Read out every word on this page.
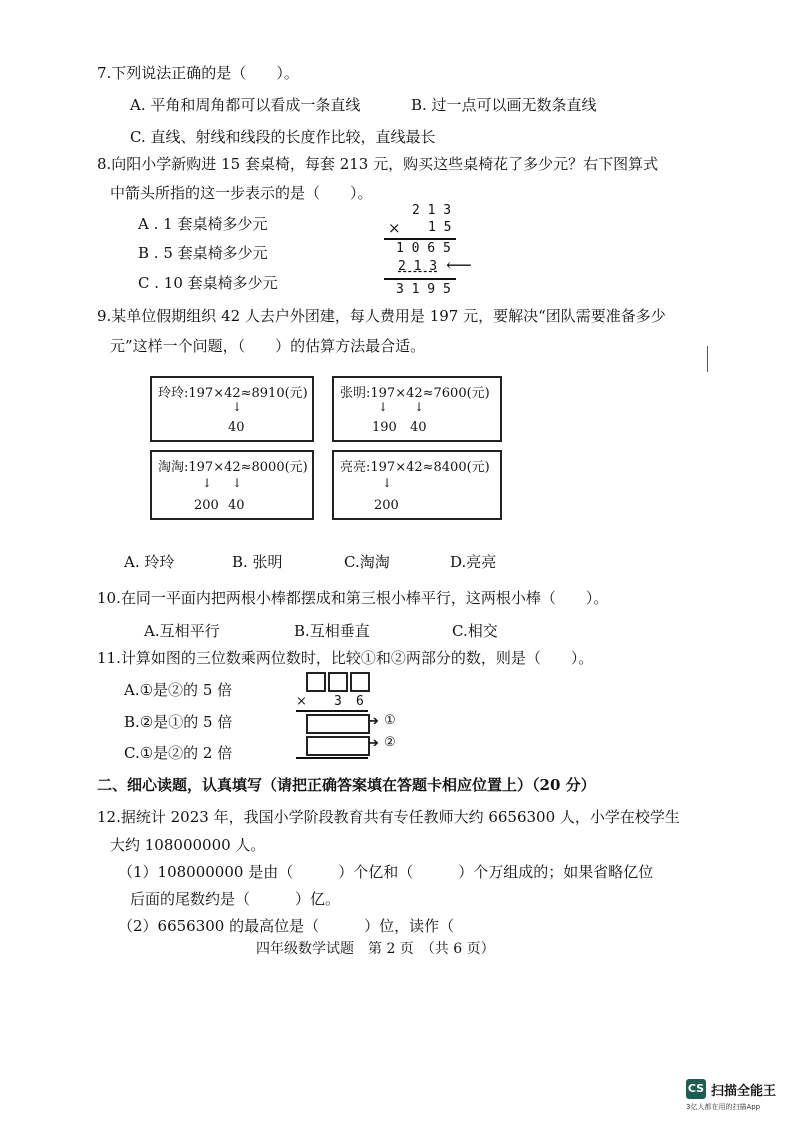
7.下列说法正确的是（　　）。
A. 平角和周角都可以看成一条直线	B. 过一点可以画无数条直线
C. 直线、射线和线段的长度作比较，直线最长
8.向阳小学新购进 15 套桌椅，每套 213 元，购买这些桌椅花了多少元？右下图算式
中箭头所指的这一步表示的是（　　）。
A . 1 套桌椅多少元
B . 5 套桌椅多少元
C . 10 套桌椅多少元
2 1 3
× 1 5
1 0 6 5
2 1 3 ⟵
3 1 9 5
9.某单位假期组织 42 人去户外团建，每人费用是 197 元，要解决“团队需要准备多少
元”这样一个问题，（　　）的估算方法最合适。
玲玲:197×42≈8910(元)
↓
40
张明:197×42≈7600(元)
↓ ↓
190 40
淘淘:197×42≈8000(元)
↓ ↓
200 40
亮亮:197×42≈8400(元)
↓
200
A. 玲玲	B. 张明	C.淘淘	D.亮亮
10.在同一平面内把两根小棒都摆成和第三根小棒平行，这两根小棒（　　）。
A.互相平行	B.互相垂直	C.相交
11.计算如图的三位数乘两位数时，比较①和②两部分的数，则是（　　）。
A.①是②的 5 倍
B.②是①的 5 倍
C.①是②的 2 倍
× 3 6
➔ ①
➔ ②
二、细心读题，认真填写（请把正确答案填在答题卡相应位置上）（20 分）
12.据统计 2023 年，我国小学阶段教育共有专任教师大约 6656300 人，小学在校学生
大约 108000000 人。
（1）108000000 是由（　　　）个亿和（　　　）个万组成的；如果省略亿位
后面的尾数约是（　　　）亿。
（2）6656300 的最高位是（　　　）位，读作（
四年级数学试题　第 2 页　（共 6 页）
CS 扫描全能王
3亿人都在用的扫描App
